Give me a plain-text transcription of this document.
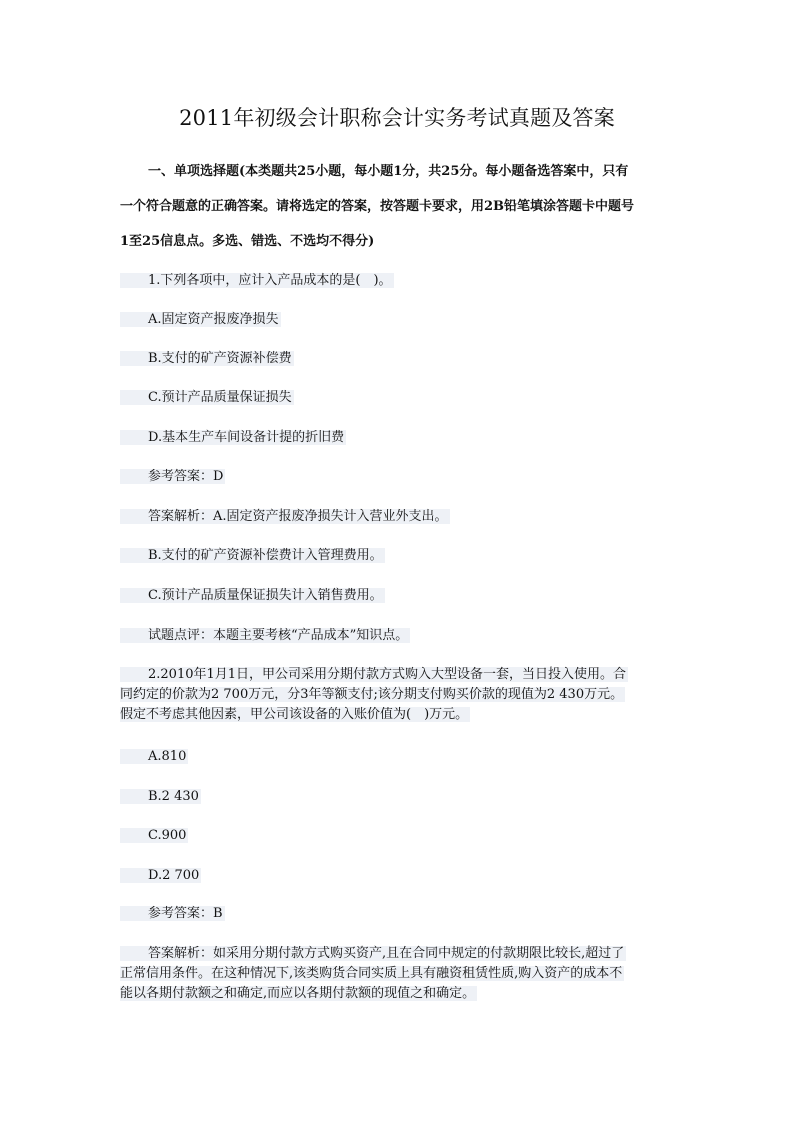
2011年初级会计职称会计实务考试真题及答案
一、单项选择题(本类题共25小题，每小题1分，共25分。每小题备选答案中，只有
一个符合题意的正确答案。请将选定的答案，按答题卡要求，用2B铅笔填涂答题卡中题号
1至25信息点。多选、错选、不选均不得分)
1.下列各项中，应计入产品成本的是(　)。
A.固定资产报废净损失
B.支付的矿产资源补偿费
C.预计产品质量保证损失
D.基本生产车间设备计提的折旧费
参考答案：D
答案解析：A.固定资产报废净损失计入营业外支出。
B.支付的矿产资源补偿费计入管理费用。
C.预计产品质量保证损失计入销售费用。
试题点评：本题主要考核“产品成本”知识点。
2.2010年1月1日，甲公司采用分期付款方式购入大型设备一套，当日投入使用。合
同约定的价款为2 700万元，分3年等额支付;该分期支付购买价款的现值为2 430万元。
假定不考虑其他因素，甲公司该设备的入账价值为(　)万元。
A.810
B.2 430
C.900
D.2 700
参考答案：B
答案解析：如采用分期付款方式购买资产,且在合同中规定的付款期限比较长,超过了
正常信用条件。在这种情况下,该类购货合同实质上具有融资租赁性质,购入资产的成本不
能以各期付款额之和确定,而应以各期付款额的现值之和确定。
